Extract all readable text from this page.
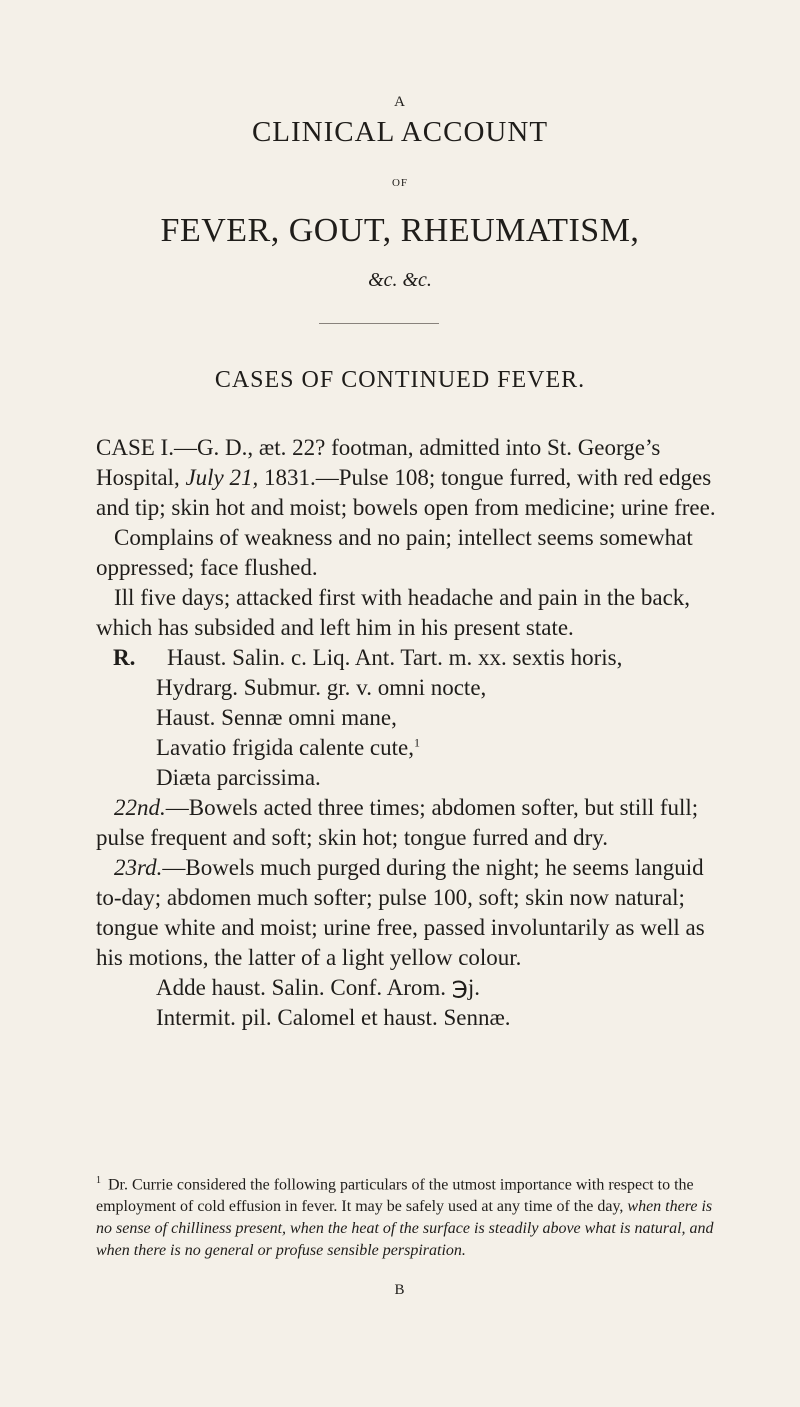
A
CLINICAL ACCOUNT
OF
FEVER, GOUT, RHEUMATISM,
&c. &c.
CASES OF CONTINUED FEVER.

CASE I.—G. D., æt. 22? footman, admitted into St. George’s Hospital, July 21, 1831.—Pulse 108; tongue furred, with red edges and tip; skin hot and moist; bowels open from medicine; urine free.

Complains of weakness and no pain; intellect seems somewhat oppressed; face flushed.

Ill five days; attacked first with headache and pain in the back, which has subsided and left him in his present state.

R.	Haust. Salin. c. Liq. Ant. Tart. m. xx. sextis horis,

Hydrarg. Submur. gr. v. omni nocte,

Haust. Sennæ omni mane,

Lavatio frigida calente cute,$^1$

Diæta parcissima.

22nd.—Bowels acted three times; abdomen softer, but still full; pulse frequent and soft; skin hot; tongue furred and dry.

23rd.—Bowels much purged during the night; he seems languid to-day; abdomen much softer; pulse 100, soft; skin now natural; tongue white and moist; urine free, passed involuntarily as well as his motions, the latter of a light yellow colour.

Adde haust. Salin. Conf. Arom. ℈j.

Intermit. pil. Calomel et haust. Sennæ.

$^1$ Dr. Currie considered the following particulars of the utmost importance with respect to the employment of cold effusion in fever. It may be safely used at any time of the day, when there is no sense of chilliness present, when the heat of the surface is steadily above what is natural, and when there is no general or profuse sensible perspiration.

B
